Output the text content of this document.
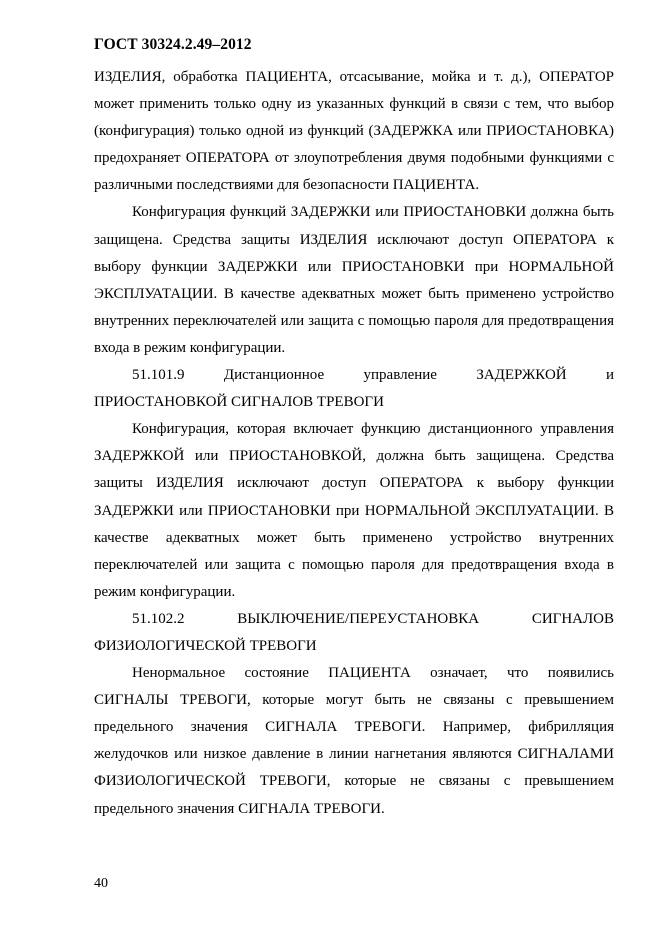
ГОСТ 30324.2.49–2012

ИЗДЕЛИЯ, обработка ПАЦИЕНТА, отсасывание, мойка и т. д.), ОПЕРАТОР может применить только одну из указанных функций в связи с тем, что выбор (конфигурация) только одной из функций (ЗАДЕРЖКА или ПРИОСТАНОВКА) предохраняет ОПЕРАТОРА от злоупотребления двумя подобными функциями с различными последствиями для безопасности ПАЦИЕНТА.

Конфигурация функций ЗАДЕРЖКИ или ПРИОСТАНОВКИ должна быть защищена. Средства защиты ИЗДЕЛИЯ исключают доступ ОПЕРАТОРА к выбору функции ЗАДЕРЖКИ или ПРИОСТАНОВКИ при НОРМАЛЬНОЙ ЭКСПЛУАТАЦИИ. В качестве адекватных может быть применено устройство внутренних переключателей или защита с помощью пароля для предотвращения входа в режим конфигурации.

51.101.9	Дистанционное	управление	ЗАДЕРЖКОЙ	и
ПРИОСТАНОВКОЙ СИГНАЛОВ ТРЕВОГИ

Конфигурация, которая включает функцию дистанционного управления ЗАДЕРЖКОЙ или ПРИОСТАНОВКОЙ, должна быть защищена. Средства защиты ИЗДЕЛИЯ исключают доступ ОПЕРАТОРА к выбору функции ЗАДЕРЖКИ или ПРИОСТАНОВКИ при НОРМАЛЬНОЙ ЭКСПЛУАТАЦИИ. В качестве адекватных может быть применено устройство внутренних переключателей или защита с помощью пароля для предотвращения входа в режим конфигурации.

51.102.2	ВЫКЛЮЧЕНИЕ/ПЕРЕУСТАНОВКА	СИГНАЛОВ
ФИЗИОЛОГИЧЕСКОЙ ТРЕВОГИ

Ненормальное состояние ПАЦИЕНТА означает, что появились СИГНАЛЫ ТРЕВОГИ, которые могут быть не связаны с превышением предельного значения СИГНАЛА ТРЕВОГИ. Например, фибрилляция желудочков или низкое давление в линии нагнетания являются СИГНАЛАМИ ФИЗИОЛОГИЧЕСКОЙ ТРЕВОГИ, которые не связаны с превышением предельного значения СИГНАЛА ТРЕВОГИ.

40
